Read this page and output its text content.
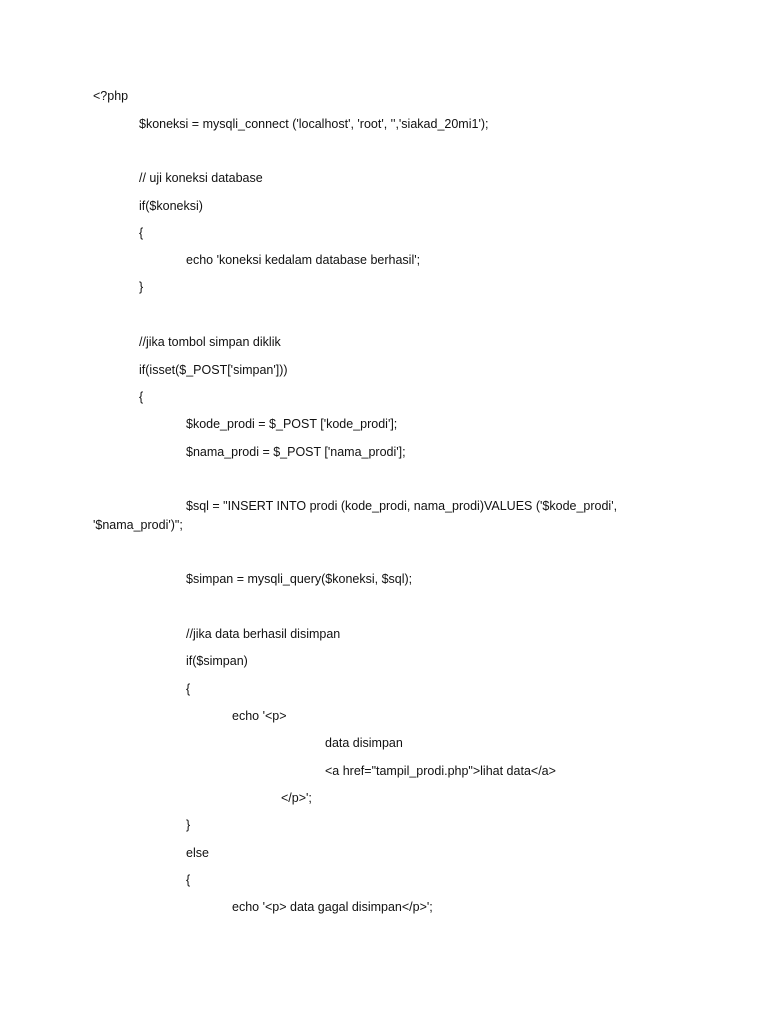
<?php
$koneksi = mysqli_connect ('localhost', 'root', '','siakad_20mi1');
// uji koneksi database
if($koneksi)
{
echo 'koneksi kedalam database berhasil';
}
//jika tombol simpan diklik
if(isset($_POST['simpan']))
{
$kode_prodi = $_POST ['kode_prodi'];
$nama_prodi = $_POST ['nama_prodi'];
$sql = "INSERT INTO prodi (kode_prodi, nama_prodi)VALUES ('$kode_prodi',
'$nama_prodi')";
$simpan = mysqli_query($koneksi, $sql);
//jika data berhasil disimpan
if($simpan)
{
echo '<p>
data disimpan
<a href="tampil_prodi.php">lihat data</a>
</p>';
}
else
{
echo '<p> data gagal disimpan</p>';
